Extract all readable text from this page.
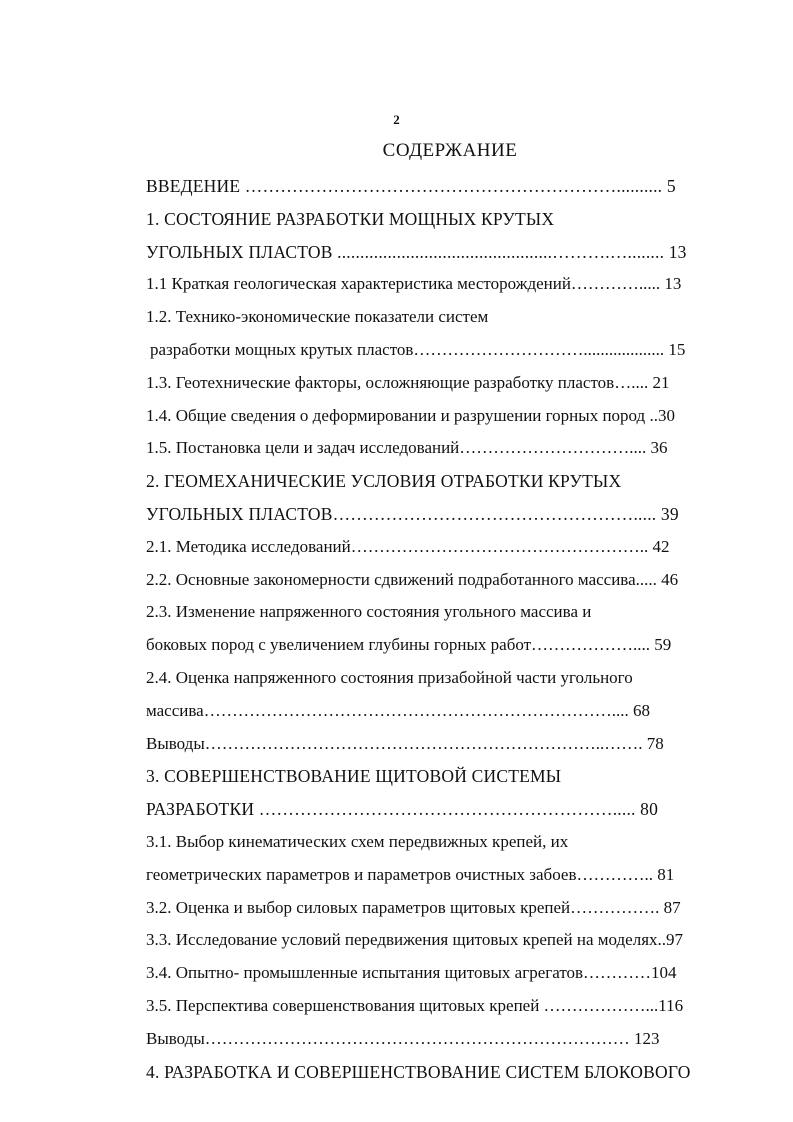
2
СОДЕРЖАНИЕ
ВВЕДЕНИЕ ……………………………………………………….......... 5
1. СОСТОЯНИЕ РАЗРАБОТКИ МОЩНЫХ КРУТЫХ
УГОЛЬНЫХ ПЛАСТОВ ...............................................……….…........ 13
1.1 Краткая геологическая характеристика месторождений…………..... 13
1.2. Технико-экономические показатели систем
разработки мощных крутых пластов…………………………................... 15
1.3. Геотехнические факторы, осложняющие разработку пластов….... 21
1.4. Общие сведения о деформировании и разрушении горных пород ..30
1.5. Постановка цели и задач исследований………………………….... 36
2. ГЕОМЕХАНИЧЕСКИЕ УСЛОВИЯ ОТРАБОТКИ КРУТЫХ
УГОЛЬНЫХ ПЛАСТОВ……………………………………………..... 39
2.1. Методика исследований…………………………………………….. 42
2.2. Основные закономерности сдвижений подработанного массива..... 46
2.3. Изменение напряженного состояния угольного массива и
боковых пород с увеличением глубины горных работ……………….... 59
2.4. Оценка напряженного состояния призабойной части угольного
массива……………………………………………………………….... 68
Выводы……………………………………………………………..……. 78
3. СОВЕРШЕНСТВОВАНИЕ ЩИТОВОЙ СИСТЕМЫ
РАЗРАБОТКИ ……………………………………………………..... 80
3.1. Выбор кинематических схем передвижных крепей, их
геометрических параметров и параметров очистных забоев………….. 81
3.2. Оценка и выбор силовых параметров щитовых крепей……………. 87
3.3. Исследование условий передвижения щитовых крепей на моделях..97
3.4. Опытно- промышленные испытания щитовых агрегатов…………104
3.5. Перспектива совершенствования щитовых крепей ………………...116
Выводы………………………………………………………………… 123
4. РАЗРАБОТКА И СОВЕРШЕНСТВОВАНИЕ СИСТЕМ БЛОКОВОГО
